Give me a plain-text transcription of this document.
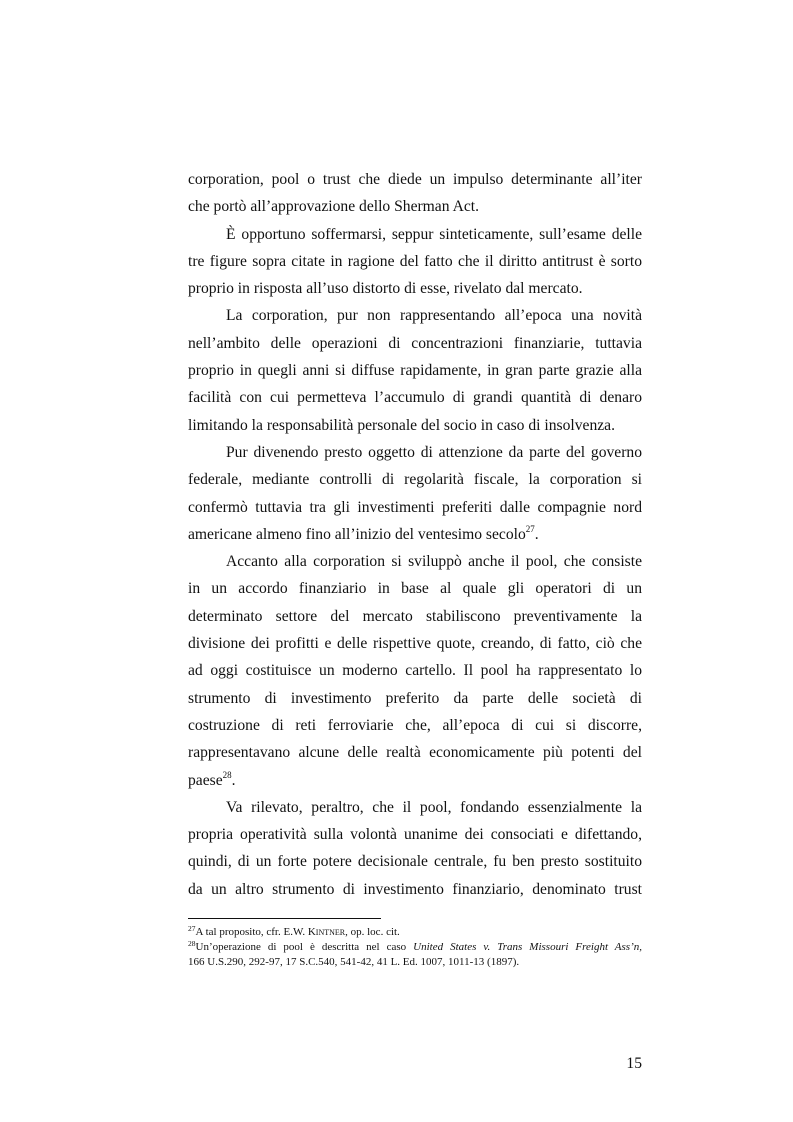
corporation, pool o trust che diede un impulso determinante all’iter
che portò all’approvazione dello Sherman Act.
È opportuno soffermarsi, seppur sinteticamente, sull’esame delle
tre figure sopra citate in ragione del fatto che il diritto antitrust è sorto
proprio in risposta all’uso distorto di esse, rivelato dal mercato.
La corporation, pur non rappresentando all’epoca una novità
nell’ambito delle operazioni di concentrazioni finanziarie, tuttavia
proprio in quegli anni si diffuse rapidamente, in gran parte grazie alla
facilità con cui permetteva l’accumulo di grandi quantità di denaro
limitando la responsabilità personale del socio in caso di insolvenza.
Pur divenendo presto oggetto di attenzione da parte del governo
federale, mediante controlli di regolarità fiscale, la corporation si
confermò tuttavia tra gli investimenti preferiti dalle compagnie nord
americane almeno fino all’inizio del ventesimo secolo$^{27}$.
Accanto alla corporation si sviluppò anche il pool, che consiste
in un accordo finanziario in base al quale gli operatori di un
determinato settore del mercato stabiliscono preventivamente la
divisione dei profitti e delle rispettive quote, creando, di fatto, ciò che
ad oggi costituisce un moderno cartello. Il pool ha rappresentato lo
strumento di investimento preferito da parte delle società di
costruzione di reti ferroviarie che, all’epoca di cui si discorre,
rappresentavano alcune delle realtà economicamente più potenti del
paese$^{28}$.
Va rilevato, peraltro, che il pool, fondando essenzialmente la
propria operatività sulla volontà unanime dei consociati e difettando,
quindi, di un forte potere decisionale centrale, fu ben presto sostituito
da un altro strumento di investimento finanziario, denominato trust
$^{27}$A tal proposito, cfr. E.W. Kintner, op. loc. cit.
$^{28}$Un’operazione di pool è descritta nel caso United States v. Trans Missouri Freight Ass’n,
166 U.S.290, 292-97, 17 S.C.540, 541-42, 41 L. Ed. 1007, 1011-13 (1897).
15
